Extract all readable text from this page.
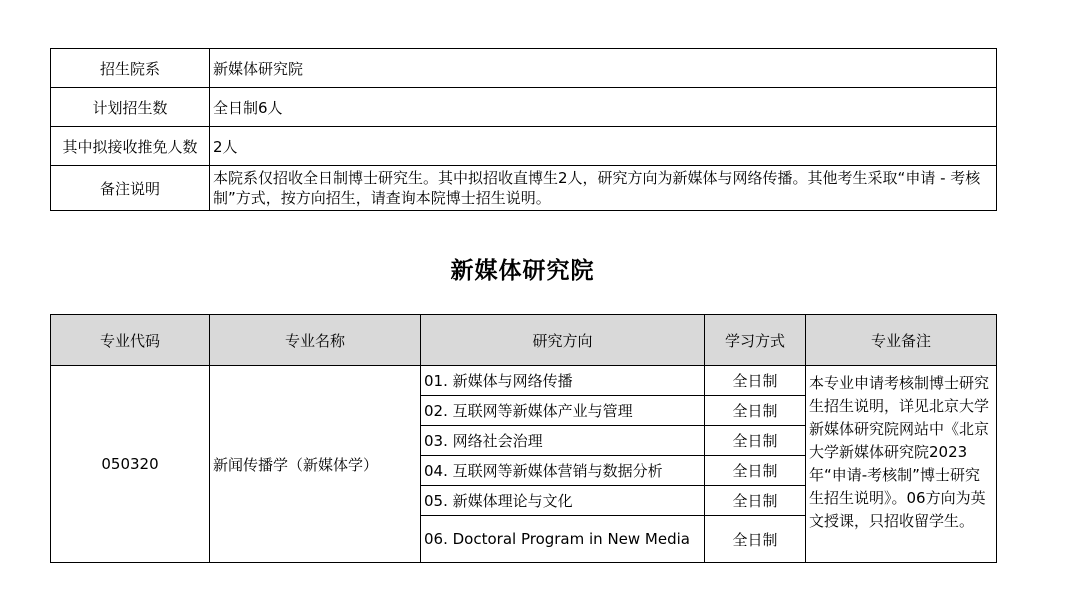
招生院系	新媒体研究院
计划招生数	全日制6人
其中拟接收推免人数	2人
备注说明	本院系仅招收全日制博士研究生。其中拟招收直博生2人，研究方向为新媒体与网络传播。其他考生采取“申请 - 考核制”方式，按方向招生，请查询本院博士招生说明。
新媒体研究院
专业代码	专业名称	研究方向	学习方式	专业备注
050320	新闻传播学（新媒体学）	01. 新媒体与网络传播	全日制	本专业申请考核制博士研究生招生说明，详见北京大学新媒体研究院网站中《北京大学新媒体研究院2023年“申请-考核制”博士研究生招生说明》。06方向为英文授课，只招收留学生。
		02. 互联网等新媒体产业与管理	全日制	
		03. 网络社会治理	全日制	
		04. 互联网等新媒体营销与数据分析	全日制	
		05. 新媒体理论与文化	全日制	
		06. Doctoral Program in New Media	全日制	
